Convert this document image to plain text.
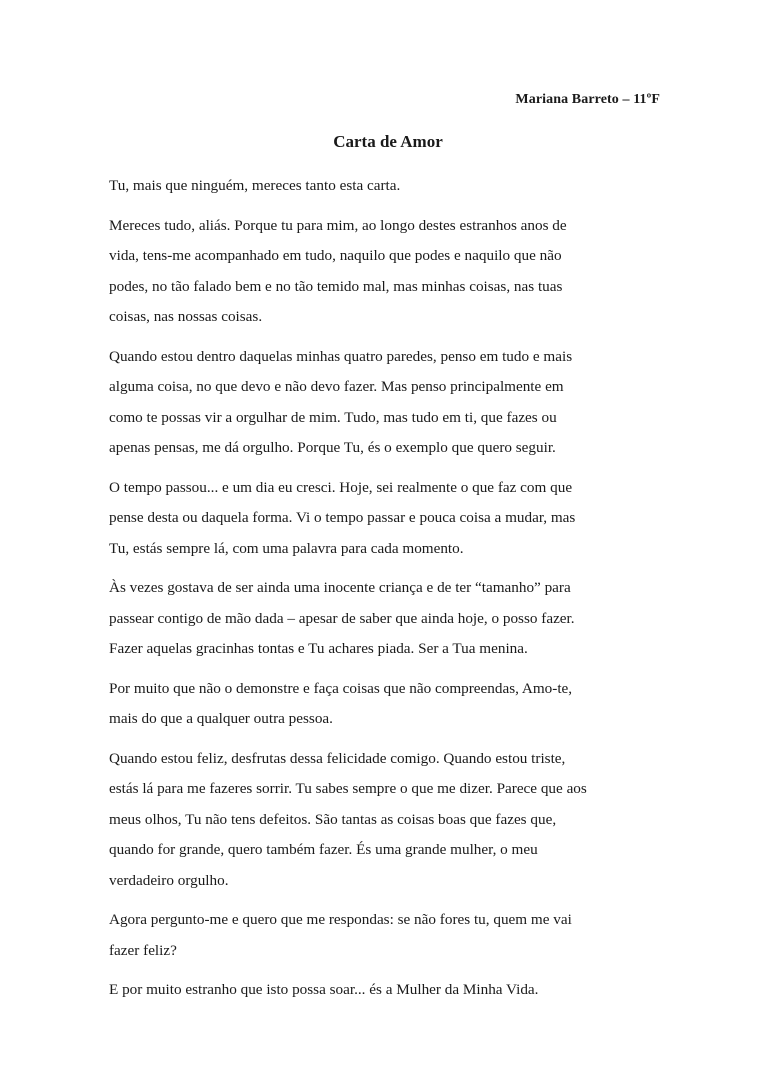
Mariana Barreto – 11ºF
Carta de Amor

Tu, mais que ninguém, mereces tanto esta carta.

Mereces tudo, aliás. Porque tu para mim, ao longo destes estranhos anos de
vida, tens-me acompanhado em tudo, naquilo que podes e naquilo que não
podes, no tão falado bem e no tão temido mal, mas minhas coisas, nas tuas
coisas, nas nossas coisas.

Quando estou dentro daquelas minhas quatro paredes, penso em tudo e mais
alguma coisa, no que devo e não devo fazer. Mas penso principalmente em
como te possas vir a orgulhar de mim. Tudo, mas tudo em ti, que fazes ou
apenas pensas, me dá orgulho. Porque Tu, és o exemplo que quero seguir.

O tempo passou... e um dia eu cresci. Hoje, sei realmente o que faz com que
pense desta ou daquela forma. Vi o tempo passar e pouca coisa a mudar, mas
Tu, estás sempre lá, com uma palavra para cada momento.

Às vezes gostava de ser ainda uma inocente criança e de ter “tamanho” para
passear contigo de mão dada – apesar de saber que ainda hoje, o posso fazer.
Fazer aquelas gracinhas tontas e Tu achares piada. Ser a Tua menina.

Por muito que não o demonstre e faça coisas que não compreendas, Amo-te,
mais do que a qualquer outra pessoa.

Quando estou feliz, desfrutas dessa felicidade comigo. Quando estou triste,
estás lá para me fazeres sorrir. Tu sabes sempre o que me dizer. Parece que aos
meus olhos, Tu não tens defeitos. São tantas as coisas boas que fazes que,
quando for grande, quero também fazer. És uma grande mulher, o meu
verdadeiro orgulho.

Agora pergunto-me e quero que me respondas: se não fores tu, quem me vai
fazer feliz?

E por muito estranho que isto possa soar... és a Mulher da Minha Vida.
